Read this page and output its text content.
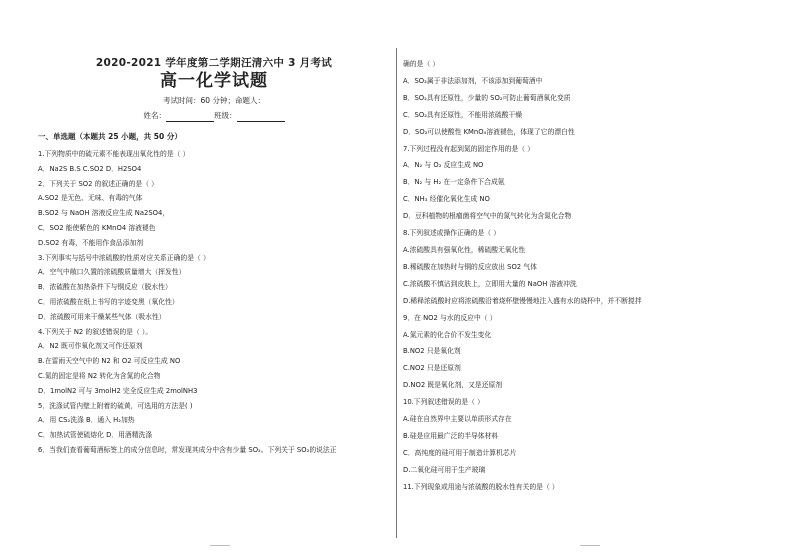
2020-2021 学年度第二学期汪清六中 3 月考试
高一化学试题
考试时间：60 分钟；命题人：
姓名：	班级：
一、单选题（本题共 25 小题，共 50 分）
1.下列物质中的硫元素不能表现出氧化性的是（ ）
A．Na2S B.S C.SO2 D．H2SO4
2．下列关于 SO2 的叙述正确的是（ ）
A.SO2 是无色、无味、有毒的气体
B.SO2 与 NaOH 溶液反应生成 Na2SO4，
C．SO2 能使紫色的 KMnO4 溶液褪色
D.SO2 有毒，不能用作食品添加剂
3.下列事实与括号中浓硫酸的性质对应关系正确的是（ ）
A．空气中敞口久置的浓硫酸质量增大（挥发性）
B．浓硫酸在加热条件下与铜反应（脱水性）
C．用浓硫酸在纸上书写的字迹变黑（氧化性）
D．浓硫酸可用来干燥某些气体（吸水性）
4.下列关于 N2 的叙述错误的是（ ）。
A．N2 既可作氧化剂又可作还原剂
B.在雷雨天空气中的 N2 和 O2 可反应生成 NO
C.氮的固定是将 N2 转化为含氮的化合物
D．1molN2 可与 3molH2 完全反应生成 2molNH3
5．洗涤试管内壁上附着的硫黄，可选用的方法是( )
A．用 CS₂洗涤 B．通入 H₂加热
C．加热试管使硫熔化 D．用酒精洗涤
6．当我们查看葡萄酒标签上的成分信息时，常发现其成分中含有少量 SO₂。下列关于 SO₂的说法正
确的是（ ）
A．SO₂属于非法添加剂，不该添加到葡萄酒中
B．SO₂具有还原性，少量的 SO₂可防止葡萄酒氧化变质
C．SO₂具有还原性，不能用浓硫酸干燥
D．SO₂可以使酸性 KMnO₄溶液褪色，体现了它的漂白性
7.下列过程没有起到氮的固定作用的是（ ）
A．N₂ 与 O₂ 反应生成 NO
B．N₂ 与 H₂ 在一定条件下合成氨
C．NH₃ 经催化氧化生成 NO
D．豆科植物的根瘤菌将空气中的氮气转化为含氮化合物
8.下列叙述或操作正确的是（ ）
A.浓硫酸具有强氧化性，稀硫酸无氧化性
B.稀硫酸在加热时与铜的反应放出 SO2 气体
C.浓硫酸不慎沾到皮肤上，立即用大量的 NaOH 溶液冲洗
D.稀释浓硫酸时应将浓硫酸沿着烧杯壁慢慢地注入盛有水的烧杯中，并不断搅拌
9．在 NO2 与水的反应中（ ）
A.氮元素的化合价不发生变化
B.NO2 只是氧化剂
C.NO2 只是还原剂
D.NO2 既是氧化剂，又是还原剂
10.下列叙述错误的是（ ）
A.硅在自然界中主要以单质形式存在
B.硅是应用最广泛的半导体材料
C．高纯度的硅可用于制造计算机芯片
D.二氧化硅可用于生产玻璃
11.下列现象或用途与浓硫酸的脱水性有关的是（ ）
